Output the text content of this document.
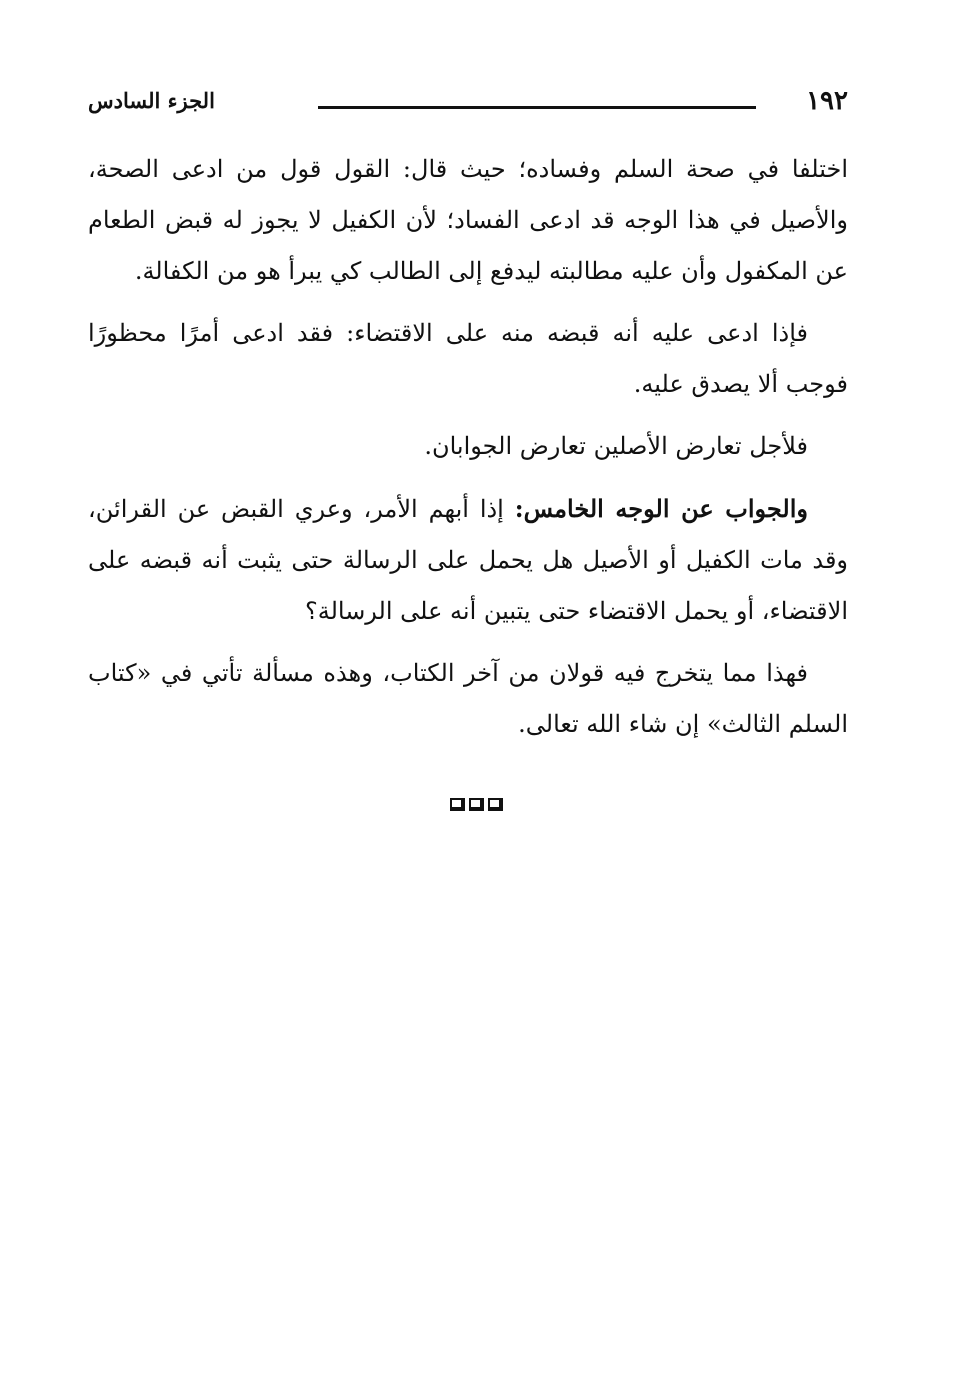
١٩٢
الجزء السادس

اختلفا في صحة السلم وفساده؛ حيث قال: القول قول من ادعى الصحة، والأصيل في هذا الوجه قد ادعى الفساد؛ لأن الكفيل لا يجوز له قبض الطعام عن المكفول وأن عليه مطالبته ليدفع إلى الطالب كي يبرأ هو من الكفالة.

فإذا ادعى عليه أنه قبضه منه على الاقتضاء: فقد ادعى أمرًا محظورًا فوجب ألا يصدق عليه.

فلأجل تعارض الأصلين تعارض الجوابان.

والجواب عن الوجه الخامس: إذا أبهم الأمر، وعري القبض عن القرائن، وقد مات الكفيل أو الأصيل هل يحمل على الرسالة حتى يثبت أنه قبضه على الاقتضاء، أو يحمل الاقتضاء حتى يتبين أنه على الرسالة؟

فهذا مما يتخرج فيه قولان من آخر الكتاب، وهذه مسألة تأتي في «كتاب السلم الثالث» إن شاء الله تعالى.
